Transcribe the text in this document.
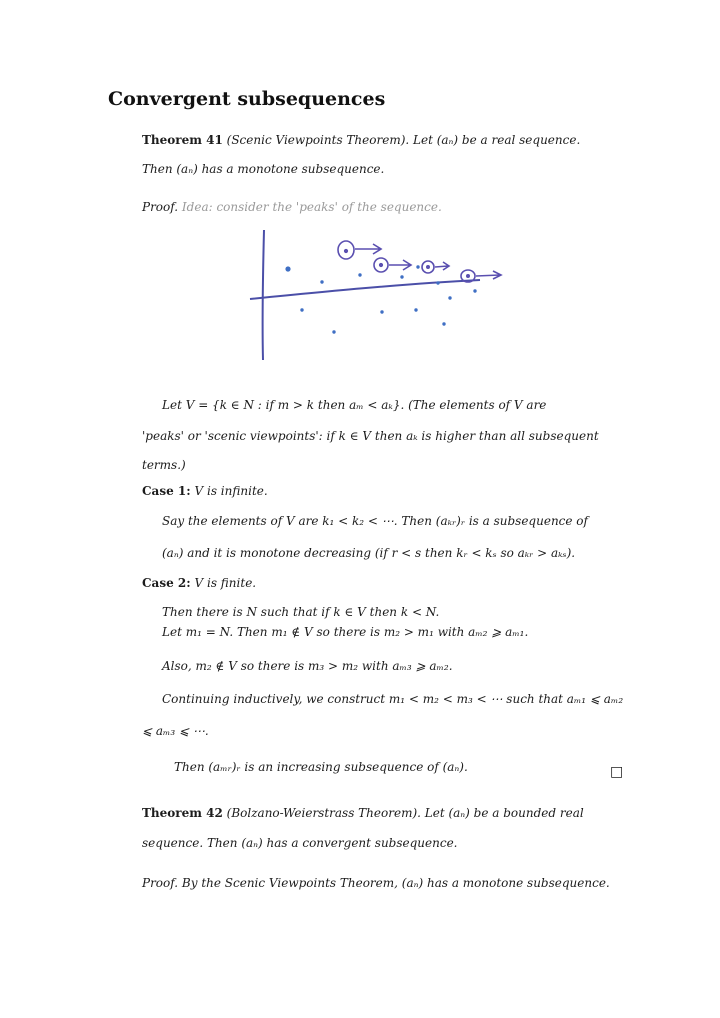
Convergent subsequences
Theorem 41 (Scenic Viewpoints Theorem). Let (aₙ) be a real sequence.
Then (aₙ) has a monotone subsequence.
Proof. Idea: consider the 'peaks' of the sequence.
Let V = {k ∈ N : if m > k then aₘ < aₖ}. (The elements of V are
'peaks' or 'scenic viewpoints': if k ∈ V then aₖ is higher than all subsequent
terms.)
Case 1: V is infinite.
Say the elements of V are k₁ < k₂ < ⋯. Then (aₖᵣ)ᵣ is a subsequence of
(aₙ) and it is monotone decreasing (if r < s then kᵣ < kₛ so aₖᵣ > aₖₛ).
Case 2: V is finite.
Then there is N such that if k ∈ V then k < N.
Let m₁ = N. Then m₁ ∉ V so there is m₂ > m₁ with aₘ₂ ⩾ aₘ₁.
Also, m₂ ∉ V so there is m₃ > m₂ with aₘ₃ ⩾ aₘ₂.
Continuing inductively, we construct m₁ < m₂ < m₃ < ⋯ such that aₘ₁ ⩽ aₘ₂
⩽ aₘ₃ ⩽ ⋯.
Then (aₘᵣ)ᵣ is an increasing subsequence of (aₙ).	□
Theorem 42 (Bolzano-Weierstrass Theorem). Let (aₙ) be a bounded real
sequence. Then (aₙ) has a convergent subsequence.
Proof. By the Scenic Viewpoints Theorem, (aₙ) has a monotone subsequence.
